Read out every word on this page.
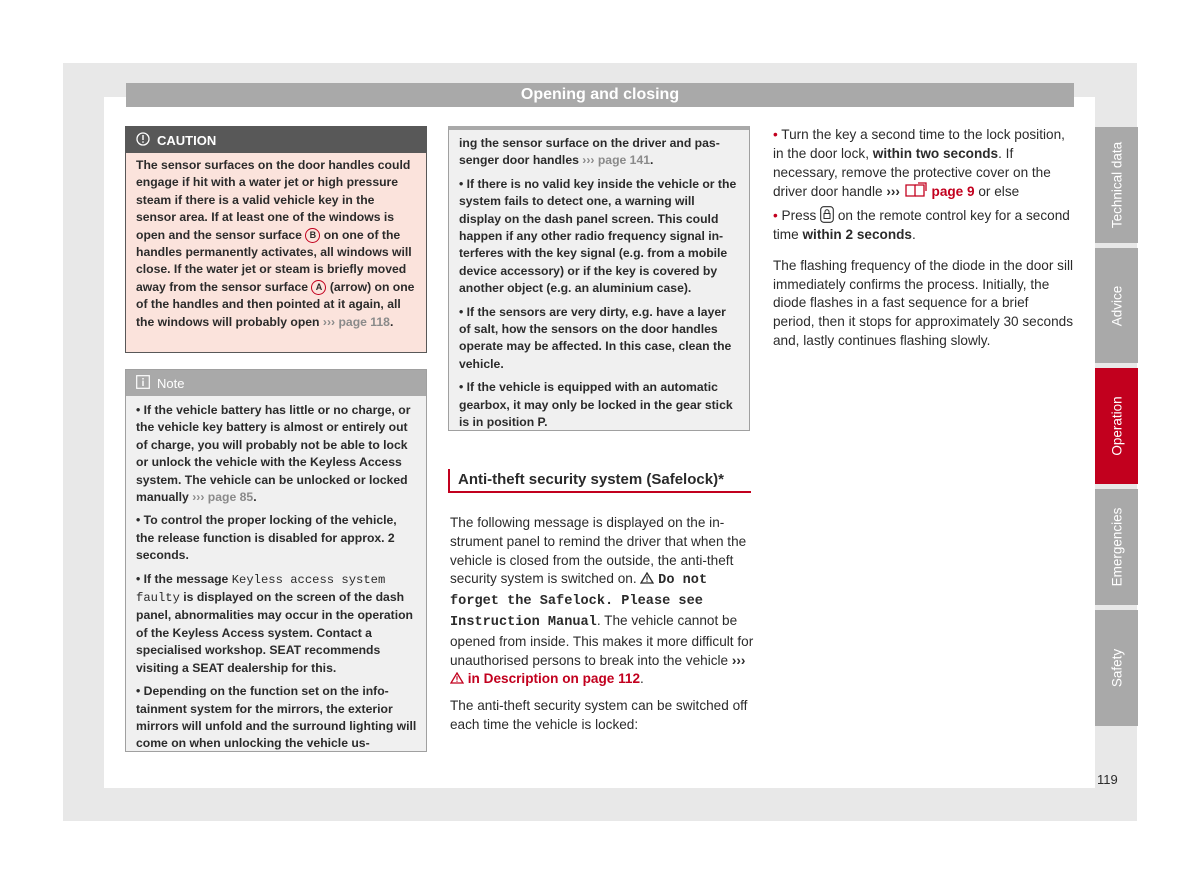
Opening and closing
CAUTION
The sensor surfaces on the door handles could engage if hit with a water jet or high pressure steam if there is a valid vehicle key in the sensor area. If at least one of the windows is open and the sensor surface B on one of the handles permanently activates, all windows will close. If the water jet or steam is briefly moved away from the sensor surface A (arrow) on one of the handles and then pointed at it again, all the windows will probably open ››› page 118.
Note

• If the vehicle battery has little or no charge, or the vehicle key battery is almost or entirely out of charge, you will probably not be able to lock or unlock the vehicle with the Keyless Access system. The vehicle can be unlocked or locked manually ››› page 85.

• To control the proper locking of the vehicle, the release function is disabled for approx. 2 seconds.

• If the message Keyless access system faulty is displayed on the screen of the dash panel, abnormalities may occur in the operation of the Keyless Access system. Contact a specialised workshop. SEAT recommends visiting a SEAT dealership for this.

• Depending on the function set on the infotainment system for the mirrors, the exterior mirrors will unfold and the surround lighting will come on when unlocking the vehicle us-

ing the sensor surface on the driver and passenger door handles ››› page 141.

• If there is no valid key inside the vehicle or the system fails to detect one, a warning will display on the dash panel screen. This could happen if any other radio frequency signal interferes with the key signal (e.g. from a mobile device accessory) or if the key is covered by another object (e.g. an aluminium case).

• If the sensors are very dirty, e.g. have a layer of salt, how the sensors on the door handles operate may be affected. In this case, clean the vehicle.

• If the vehicle is equipped with an automatic gearbox, it may only be locked in the gear stick is in position P.

Anti-theft security system (Safelock)*

The following message is displayed on the instrument panel to remind the driver that when the vehicle is closed from the outside, the anti-theft security system is switched on.  Do not forget the Safelock. Please see Instruction Manual. The vehicle cannot be opened from inside. This makes it more difficult for unauthorised persons to break into the vehicle ›››  in Description on page 112.

The anti-theft security system can be switched off each time the vehicle is locked:

• Turn the key a second time to the lock position, in the door lock, within two seconds. If necessary, remove the protective cover on the driver door handle ››› page 9 or else

• Press  on the remote control key for a second time within 2 seconds.

The flashing frequency of the diode in the door sill immediately confirms the process. Initially, the diode flashes in a fast sequence for a brief period, then it stops for approximately 30 seconds and, lastly continues flashing slowly.

Technical data
Advice
Operation
Emergencies
Safety
119
